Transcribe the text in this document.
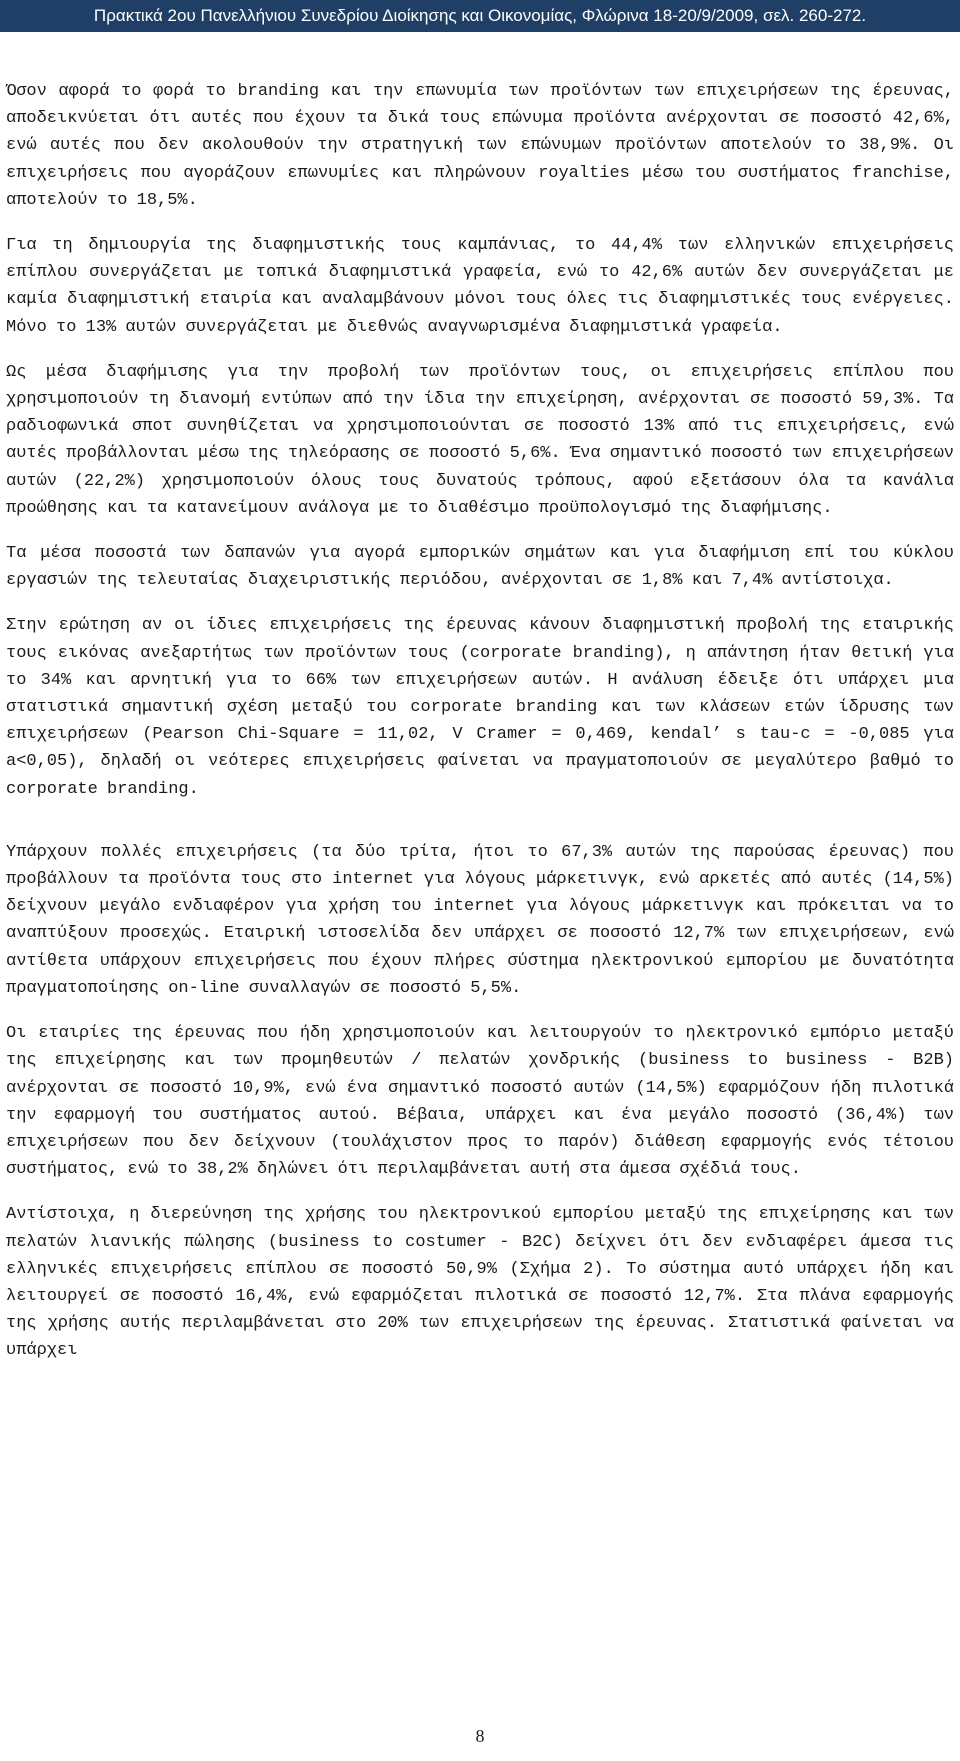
Πρακτικά 2ου Πανελλήνιου Συνεδρίου Διοίκησης και Οικονομίας, Φλώρινα 18-20/9/2009, σελ. 260-272.

Όσον αφορά το φορά το branding και την επωνυμία των προϊόντων των επιχειρήσεων της έρευνας, αποδεικνύεται ότι αυτές που έχουν τα δικά τους επώνυμα προϊόντα ανέρχονται σε ποσοστό 42,6%, ενώ αυτές που δεν ακολουθούν την στρατηγική των επώνυμων προϊόντων αποτελούν το 38,9%. Οι επιχειρήσεις που αγοράζουν επωνυμίες και πληρώνουν royalties μέσω του συστήματος franchise, αποτελούν το 18,5%.

Για τη δημιουργία της διαφημιστικής τους καμπάνιας, το 44,4% των ελληνικών επιχειρήσεις επίπλου συνεργάζεται με τοπικά διαφημιστικά γραφεία, ενώ το 42,6% αυτών δεν συνεργάζεται με καμία διαφημιστική εταιρία και αναλαμβάνουν μόνοι τους όλες τις διαφημιστικές τους ενέργειες. Μόνο το 13% αυτών συνεργάζεται με διεθνώς αναγνωρισμένα διαφημιστικά γραφεία.

Ως μέσα διαφήμισης για την προβολή των προϊόντων τους, οι επιχειρήσεις επίπλου που χρησιμοποιούν τη διανομή εντύπων από την ίδια την επιχείρηση, ανέρχονται σε ποσοστό 59,3%. Τα ραδιοφωνικά σποτ συνηθίζεται να χρησιμοποιούνται σε ποσοστό 13% από τις επιχειρήσεις, ενώ αυτές προβάλλονται μέσω της τηλεόρασης σε ποσοστό 5,6%. Ένα σημαντικό ποσοστό των επιχειρήσεων αυτών (22,2%) χρησιμοποιούν όλους τους δυνατούς τρόπους, αφού εξετάσουν όλα τα κανάλια προώθησης και τα κατανείμουν ανάλογα με το διαθέσιμο προϋπολογισμό της διαφήμισης.

Τα μέσα ποσοστά των δαπανών για αγορά εμπορικών σημάτων και για διαφήμιση επί του κύκλου εργασιών της τελευταίας διαχειριστικής περιόδου, ανέρχονται σε 1,8% και 7,4% αντίστοιχα.

Στην ερώτηση αν οι ίδιες επιχειρήσεις της έρευνας κάνουν διαφημιστική προβολή της εταιρικής τους εικόνας ανεξαρτήτως των προϊόντων τους (corporate branding), η απάντηση ήταν θετική για το 34% και αρνητική για το 66% των επιχειρήσεων αυτών. Η ανάλυση έδειξε ότι υπάρχει μια στατιστικά σημαντική σχέση μεταξύ του corporate branding και των κλάσεων ετών ίδρυσης των επιχειρήσεων (Pearson Chi-Square = 11,02, V Cramer = 0,469, kendal’ s tau-c = -0,085 για a<0,05), δηλαδή οι νεότερες επιχειρήσεις φαίνεται να πραγματοποιούν σε μεγαλύτερο βαθμό το corporate branding.

Υπάρχουν πολλές επιχειρήσεις (τα δύο τρίτα, ήτοι το 67,3% αυτών της παρούσας έρευνας) που προβάλλουν τα προϊόντα τους στο internet για λόγους μάρκετινγκ, ενώ αρκετές από αυτές (14,5%) δείχνουν μεγάλο ενδιαφέρον για χρήση του internet για λόγους μάρκετινγκ και πρόκειται να το αναπτύξουν προσεχώς. Εταιρική ιστοσελίδα δεν υπάρχει σε ποσοστό 12,7% των επιχειρήσεων, ενώ αντίθετα υπάρχουν επιχειρήσεις που έχουν πλήρες σύστημα ηλεκτρονικού εμπορίου με δυνατότητα πραγματοποίησης on-line συναλλαγών σε ποσοστό 5,5%.

Οι εταιρίες της έρευνας που ήδη χρησιμοποιούν και λειτουργούν το ηλεκτρονικό εμπόριο μεταξύ της επιχείρησης και των προμηθευτών / πελατών χονδρικής (business to business - B2B) ανέρχονται σε ποσοστό 10,9%, ενώ ένα σημαντικό ποσοστό αυτών (14,5%) εφαρμόζουν ήδη πιλοτικά την εφαρμογή του συστήματος αυτού. Βέβαια, υπάρχει και ένα μεγάλο ποσοστό (36,4%) των επιχειρήσεων που δεν δείχνουν (τουλάχιστον προς το παρόν) διάθεση εφαρμογής ενός τέτοιου συστήματος, ενώ το 38,2% δηλώνει ότι περιλαμβάνεται αυτή στα άμεσα σχέδιά τους.

Αντίστοιχα, η διερεύνηση της χρήσης του ηλεκτρονικού εμπορίου μεταξύ της επιχείρησης και των πελατών λιανικής πώλησης (business to costumer - B2C) δείχνει ότι δεν ενδιαφέρει άμεσα τις ελληνικές επιχειρήσεις επίπλου σε ποσοστό 50,9% (Σχήμα 2). Το σύστημα αυτό υπάρχει ήδη και λειτουργεί σε ποσοστό 16,4%, ενώ εφαρμόζεται πιλοτικά σε ποσοστό 12,7%. Στα πλάνα εφαρμογής της χρήσης αυτής περιλαμβάνεται στο 20% των επιχειρήσεων της έρευνας. Στατιστικά φαίνεται να υπάρχει

8
